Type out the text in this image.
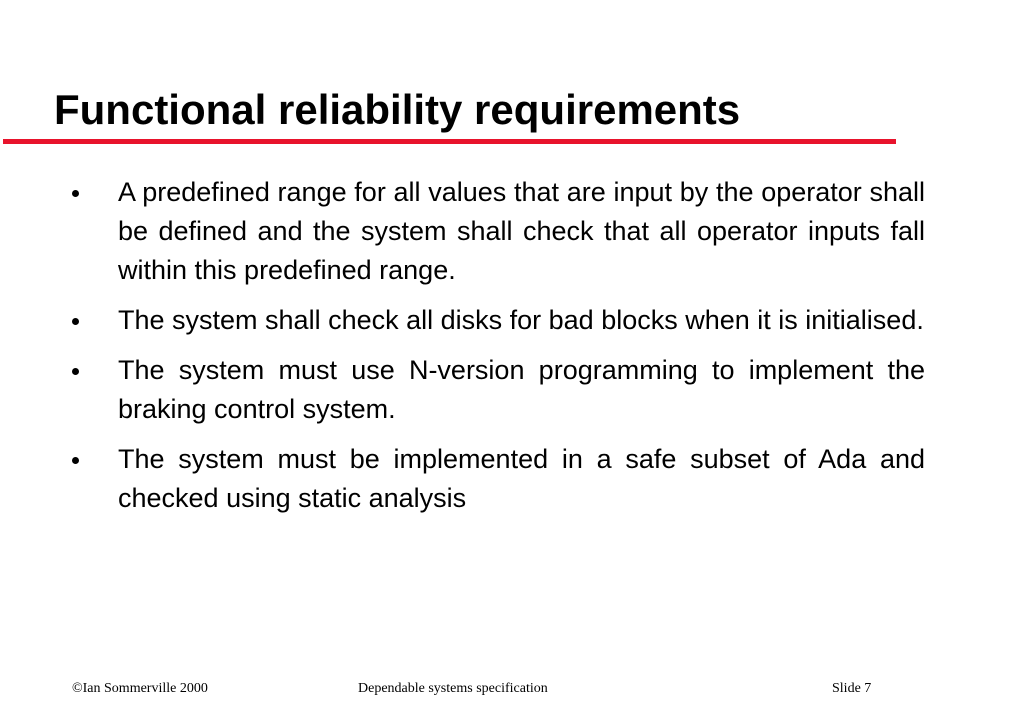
Functional reliability requirements
A predefined range for all values that are input by the operator shall be defined and the system shall check that all operator inputs fall within this predefined range.
The system shall check all disks for bad blocks when it is initialised.
The system must use N-version programming to implement the braking control system.
The system must be implemented in a safe subset of Ada and checked using static analysis
©Ian Sommerville 2000	Dependable systems specification	Slide 7
